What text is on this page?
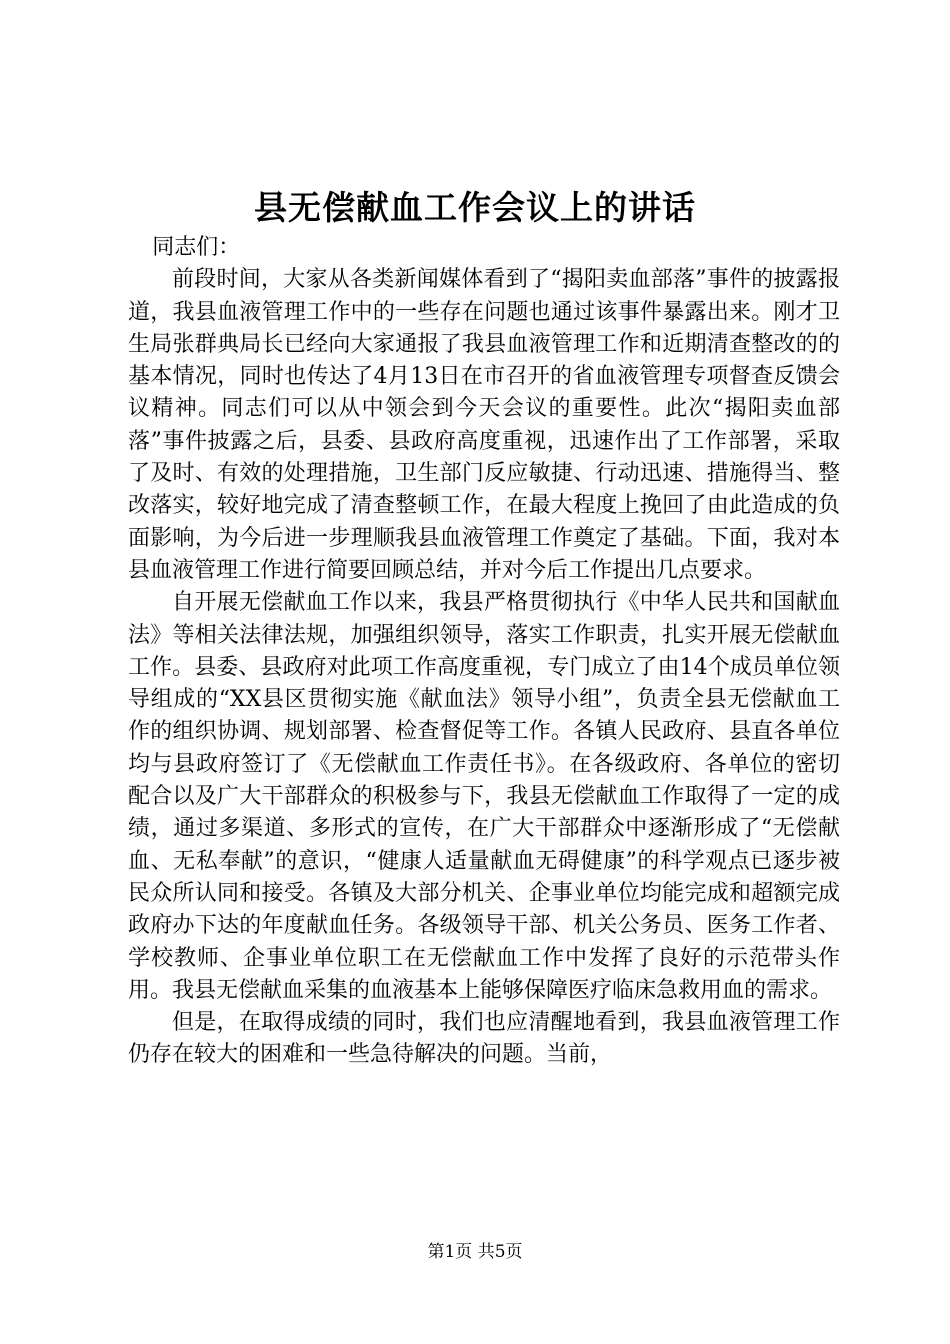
县无偿献血工作会议上的讲话
同志们：

前段时间，大家从各类新闻媒体看到了“揭阳卖血部落”事件的披露报道，我县血液管理工作中的一些存在问题也通过该事件暴露出来。刚才卫生局张群典局长已经向大家通报了我县血液管理工作和近期清查整改的的基本情况，同时也传达了4月13日在市召开的省血液管理专项督查反馈会议精神。同志们可以从中领会到今天会议的重要性。此次“揭阳卖血部落”事件披露之后，县委、县政府高度重视，迅速作出了工作部署，采取了及时、有效的处理措施，卫生部门反应敏捷、行动迅速、措施得当、整改落实，较好地完成了清查整顿工作，在最大程度上挽回了由此造成的负面影响，为今后进一步理顺我县血液管理工作奠定了基础。下面，我对本县血液管理工作进行简要回顾总结，并对今后工作提出几点要求。

自开展无偿献血工作以来，我县严格贯彻执行《中华人民共和国献血法》等相关法律法规，加强组织领导，落实工作职责，扎实开展无偿献血工作。县委、县政府对此项工作高度重视，专门成立了由14个成员单位领导组成的“XX县区贯彻实施《献血法》领导小组”，负责全县无偿献血工作的组织协调、规划部署、检查督促等工作。各镇人民政府、县直各单位均与县政府签订了《无偿献血工作责任书》。在各级政府、各单位的密切配合以及广大干部群众的积极参与下，我县无偿献血工作取得了一定的成绩，通过多渠道、多形式的宣传，在广大干部群众中逐渐形成了“无偿献血、无私奉献”的意识，“健康人适量献血无碍健康”的科学观点已逐步被民众所认同和接受。各镇及大部分机关、企事业单位均能完成和超额完成政府办下达的年度献血任务。各级领导干部、机关公务员、医务工作者、学校教师、企事业单位职工在无偿献血工作中发挥了良好的示范带头作用。我县无偿献血采集的血液基本上能够保障医疗临床急救用血的需求。

但是，在取得成绩的同时，我们也应清醒地看到，我县血液管理工作仍存在较大的困难和一些急待解决的问题。当前，

第1页 共5页
